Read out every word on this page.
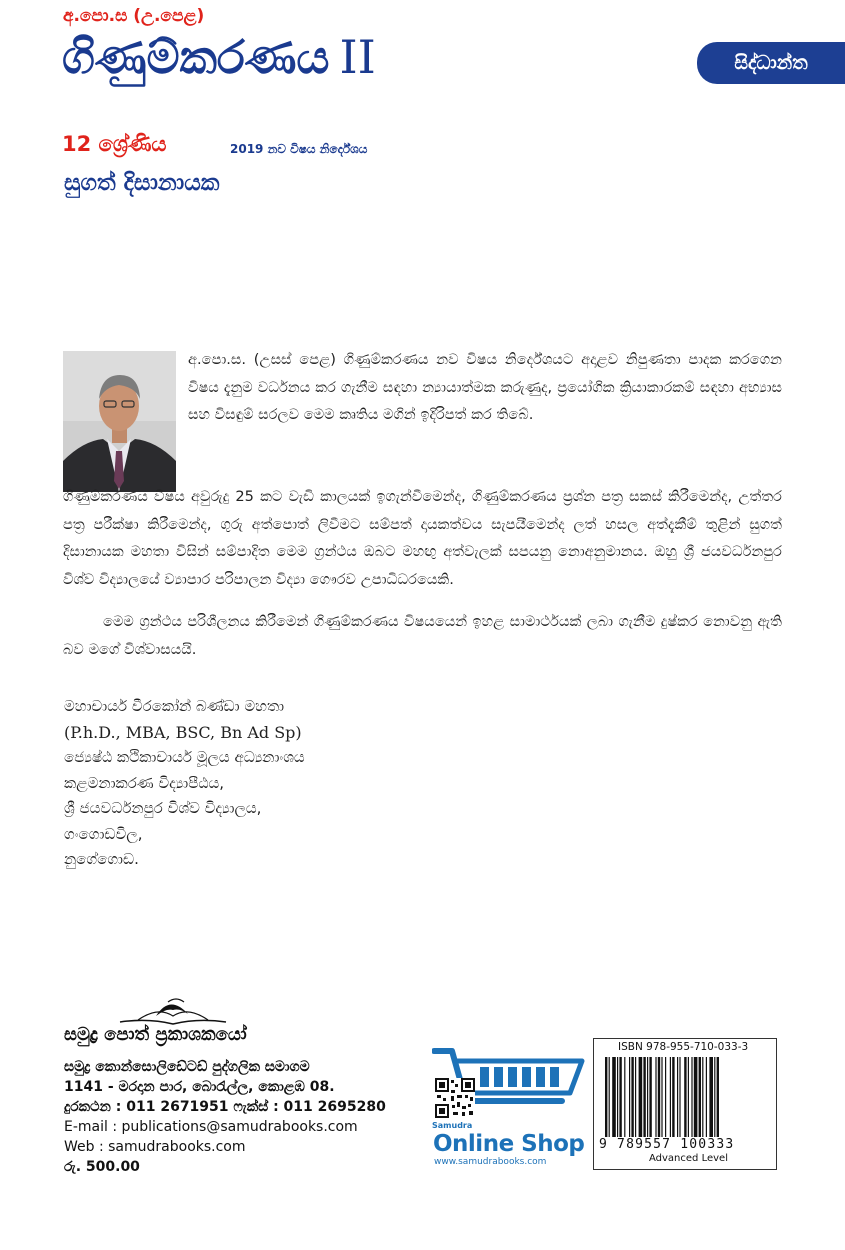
අ.පො.ස (උ.පෙළ)
ගිණුම්කරණය II	සිද්ධාන්ත
12 ශ්‍රේණිය	2019 නව විෂය නිර්දේශය
සුගත් දිසානායක
අ.පො.ස. (උසස් පෙළ) ගිණුම්කරණය නව විෂය නිර්දේශයට අදාළව නිපුණතා පාදක කරගෙන විෂය දැනුම වර්ධනය කර ගැනීම සඳහා න්‍යායාත්මක කරුණුද, ප්‍රයෝගික ක්‍රියාකාරකම් සඳහා අභ්‍යාස සහ විසඳුම් සරලව මෙම කෘතිය මගින් ඉදිරිපත් කර තිබේ.
ගිණුම්කරණය විෂය අවුරුදු 25 කට වැඩි කාලයක් ඉගැන්වීමෙන්ද, ගිණුම්කරණය ප්‍රශ්න පත්‍ර සකස් කිරීමෙන්ද, උත්තර පත්‍ර පරීක්ෂා කිරීමෙන්ද, ගුරු අත්පොත් ලිවීමට සම්පත් දායකත්වය සැපයීමෙන්ද ලත් හසල අත්දැකීම් තුළින් සුගත් දිසානායක මහතා විසින් සම්පාදිත මෙම ග්‍රන්ථය ඔබට මහඟු අත්වැලක් සපයනු නොඅනුමානය. ඔහු ශ්‍රී ජයවර්ධනපුර විශ්ව විද්‍යාලයේ ව්‍යාපාර පරිපාලන විද්‍යා ගෞරව උපාධිධරයෙකි.
මෙම ග්‍රන්ථය පරිශීලනය කිරීමෙන් ගිණුම්කරණය විෂයයෙන් ඉහළ සාමාර්ථයක් ලබා ගැනීම දුෂ්කර නොවනු ඇති බව මගේ විශ්වාසයයි.
මහාචාර්ය වීරකෝන් බණ්ඩා මහතා
(P.h.D., MBA, BSC, Bn Ad Sp)
ජ්‍යෙෂ්ඨ කථිකාචාර්ය මූලය අධ්‍යනාංශය
කළමනාකරණ විද්‍යාපීඨය,
ශ්‍රී ජයවර්ධනපුර විශ්ව විද්‍යාලය,
ගංගොඩවිල,
නුගේගොඩ.
සමුද්‍ර පොත් ප්‍රකාශකයෝ
සමුද්‍ර කොන්සොලිඩේටඩ් පුද්ගලික සමාගම
1141 - මරදාන පාර, බොරැල්ල, කොළඹ 08.
දුරකථන : 011 2671951 ෆැක්ස් : 011 2695280
E-mail : publications@samudrabooks.com
Web : samudrabooks.com
රු. 500.00
Samudra
Online Shop
www.samudrabooks.com
ISBN 978-955-710-033-3
9 789557 100333
Advanced Level
